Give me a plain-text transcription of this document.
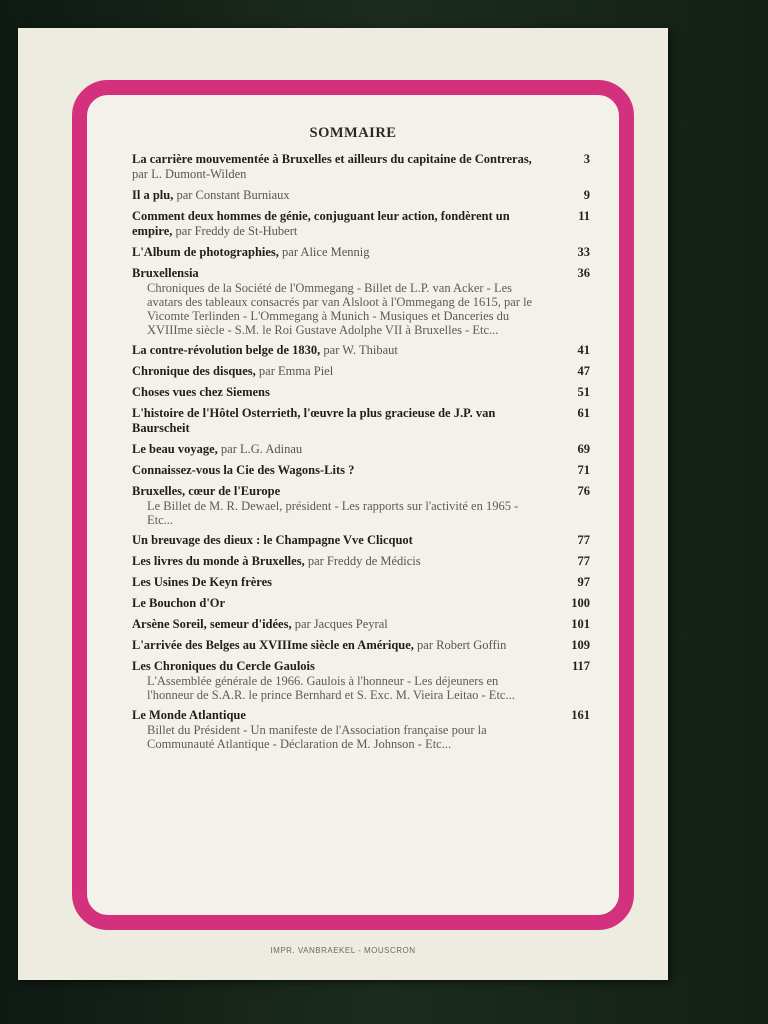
SOMMAIRE
3
La carrière mouvementée à Bruxelles et ailleurs du capitaine de Contreras, par L. Dumont-Wilden
9
Il a plu, par Constant Burniaux
11
Comment deux hommes de génie, conjuguant leur action, fondèrent un empire, par Freddy de St-Hubert
33
L'Album de photographies, par Alice Mennig
36
Bruxellensia
Chroniques de la Société de l'Ommegang - Billet de L.P. van Acker - Les avatars des tableaux consacrés par van Alsloot à l'Ommegang de 1615, par le Vicomte Terlinden - L'Ommegang à Munich - Musiques et Danceries du XVIIIme siècle - S.M. le Roi Gustave Adolphe VII à Bruxelles - Etc...
41
La contre-révolution belge de 1830, par W. Thibaut
47
Chronique des disques, par Emma Piel
51
Choses vues chez Siemens
61
L'histoire de l'Hôtel Osterrieth, l'œuvre la plus gracieuse de J.P. van Baurscheit
69
Le beau voyage, par L.G. Adinau
71
Connaissez-vous la Cie des Wagons-Lits ?
76
Bruxelles, cœur de l'Europe
Le Billet de M. R. Dewael, président - Les rapports sur l'activité en 1965 - Etc...
77
Un breuvage des dieux : le Champagne Vve Clicquot
77
Les livres du monde à Bruxelles, par Freddy de Médicis
97
Les Usines De Keyn frères
100
Le Bouchon d'Or
101
Arsène Soreil, semeur d'idées, par Jacques Peyral
109
L'arrivée des Belges au XVIIIme siècle en Amérique, par Robert Goffin
117
Les Chroniques du Cercle Gaulois
L'Assemblée générale de 1966. Gaulois à l'honneur - Les déjeuners en l'honneur de S.A.R. le prince Bernhard et S. Exc. M. Vieira Leitao - Etc...
161
Le Monde Atlantique
Billet du Président - Un manifeste de l'Association française pour la Communauté Atlantique - Déclaration de M. Johnson - Etc...
IMPR. VANBRAEKEL - MOUSCRON
